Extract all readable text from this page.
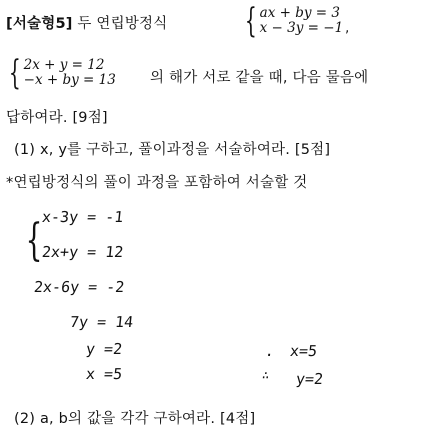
[서술형5] 두 연립방정식 { ax + by = 3
x − 3y = −1 ,
{ 2x + y = 12
−x + by = 13 의 해가 서로 같을 때, 다음 물음에
답하여라. [9점]
(1) x, y를 구하고, 풀이과정을 서술하여라. [5점]
*연립방정식의 풀이 과정을 포함하여 서술할 것
{
x-3y = -1
2x+y = 12
2x-6y = -2
7y = 14
y =2
x =5
. x=5
∴ y=2
(2) a, b의 값을 각각 구하여라. [4점]
